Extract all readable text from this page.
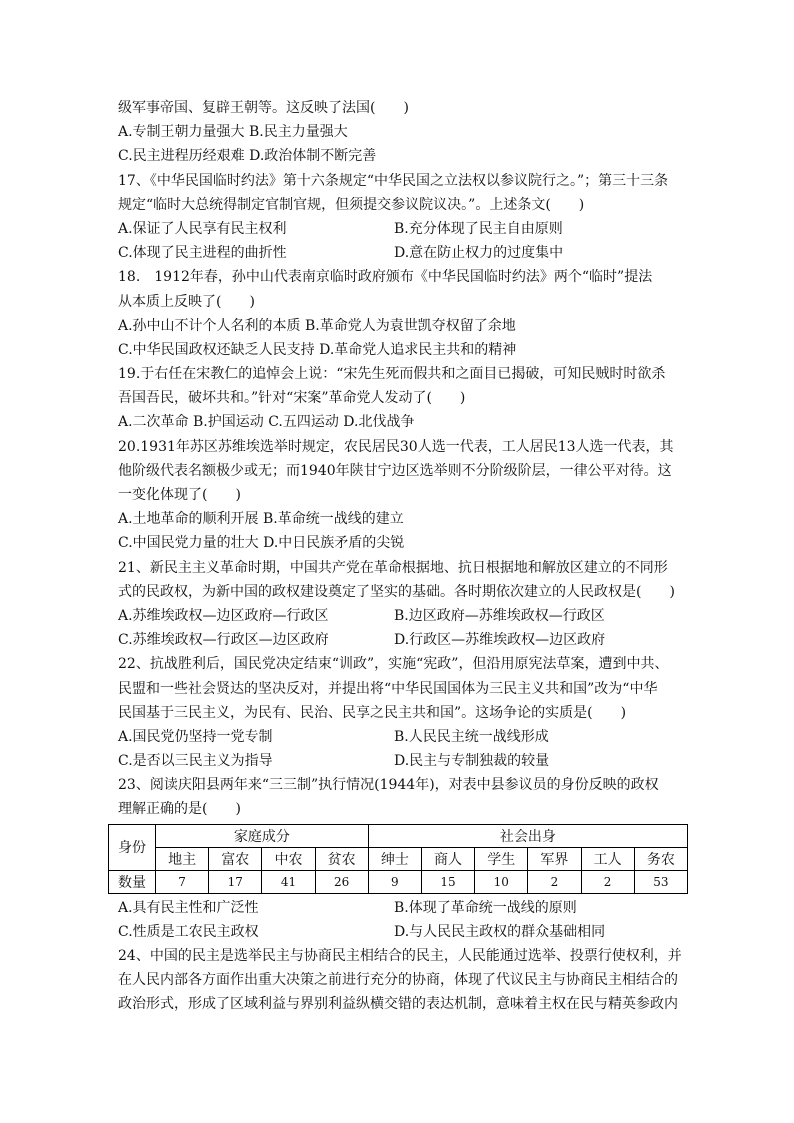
级军事帝国、复辟王朝等。这反映了法国(　　)
A.专制王朝力量强大 B.民主力量强大
C.民主进程历经艰难 D.政治体制不断完善
17、《中华民国临时约法》第十六条规定“中华民国之立法权以参议院行之。”；第三十三条
规定“临时大总统得制定官制官规，但须提交参议院议决。”。上述条文(　　)
A.保证了人民享有民主权利	B.充分体现了民主自由原则
C.体现了民主进程的曲折性	D.意在防止权力的过度集中
18.　1912年春，孙中山代表南京临时政府颁布《中华民国临时约法》两个“临时”提法
从本质上反映了(　　)
A.孙中山不计个人名利的本质 B.革命党人为袁世凯夺权留了余地
C.中华民国政权还缺乏人民支持 D.革命党人追求民主共和的精神
19.于右任在宋教仁的追悼会上说：“宋先生死而假共和之面目已揭破，可知民贼时时欲杀
吾国吾民，破坏共和。”针对“宋案”革命党人发动了(　　)
A.二次革命 B.护国运动 C.五四运动 D.北伐战争
20.1931年苏区苏维埃选举时规定，农民居民30人选一代表，工人居民13人选一代表，其
他阶级代表名额极少或无；而1940年陕甘宁边区选举则不分阶级阶层，一律公平对待。这
一变化体现了(　　)
A.土地革命的顺利开展 B.革命统一战线的建立
C.中国民党力量的壮大 D.中日民族矛盾的尖锐
21、新民主主义革命时期，中国共产党在革命根据地、抗日根据地和解放区建立的不同形
式的民政权，为新中国的政权建设奠定了坚实的基础。各时期依次建立的人民政权是(　　)
A.苏维埃政权—边区政府—行政区	B.边区政府—苏维埃政权—行政区
C.苏维埃政权—行政区—边区政府	D.行政区—苏维埃政权—边区政府
22、抗战胜利后，国民党决定结束“训政”，实施“宪政”，但沿用原宪法草案，遭到中共、
民盟和一些社会贤达的坚决反对，并提出将“中华民国国体为三民主义共和国”改为“中华
民国基于三民主义，为民有、民治、民享之民主共和国”。这场争论的实质是(　　)
A.国民党仍坚持一党专制	B.人民民主统一战线形成
C.是否以三民主义为指导	D.民主与专制独裁的较量
23、阅读庆阳县两年来“三三制”执行情况(1944年)，对表中县参议员的身份反映的政权
理解正确的是(　　)
身份	家庭成分				社会出身					
	地主	富农	中农	贫农	绅士	商人	学生	军界	工人	务农
数量	7	17	41	26	9	15	10	2	2	53
A.具有民主性和广泛性	B.体现了革命统一战线的原则
C.性质是工农民主政权	D.与人民民主政权的群众基础相同
24、中国的民主是选举民主与协商民主相结合的民主，人民能通过选举、投票行使权利，并
在人民内部各方面作出重大决策之前进行充分的协商，体现了代议民主与协商民主相结合的
政治形式，形成了区域利益与界别利益纵横交错的表达机制，意味着主权在民与精英参政内
